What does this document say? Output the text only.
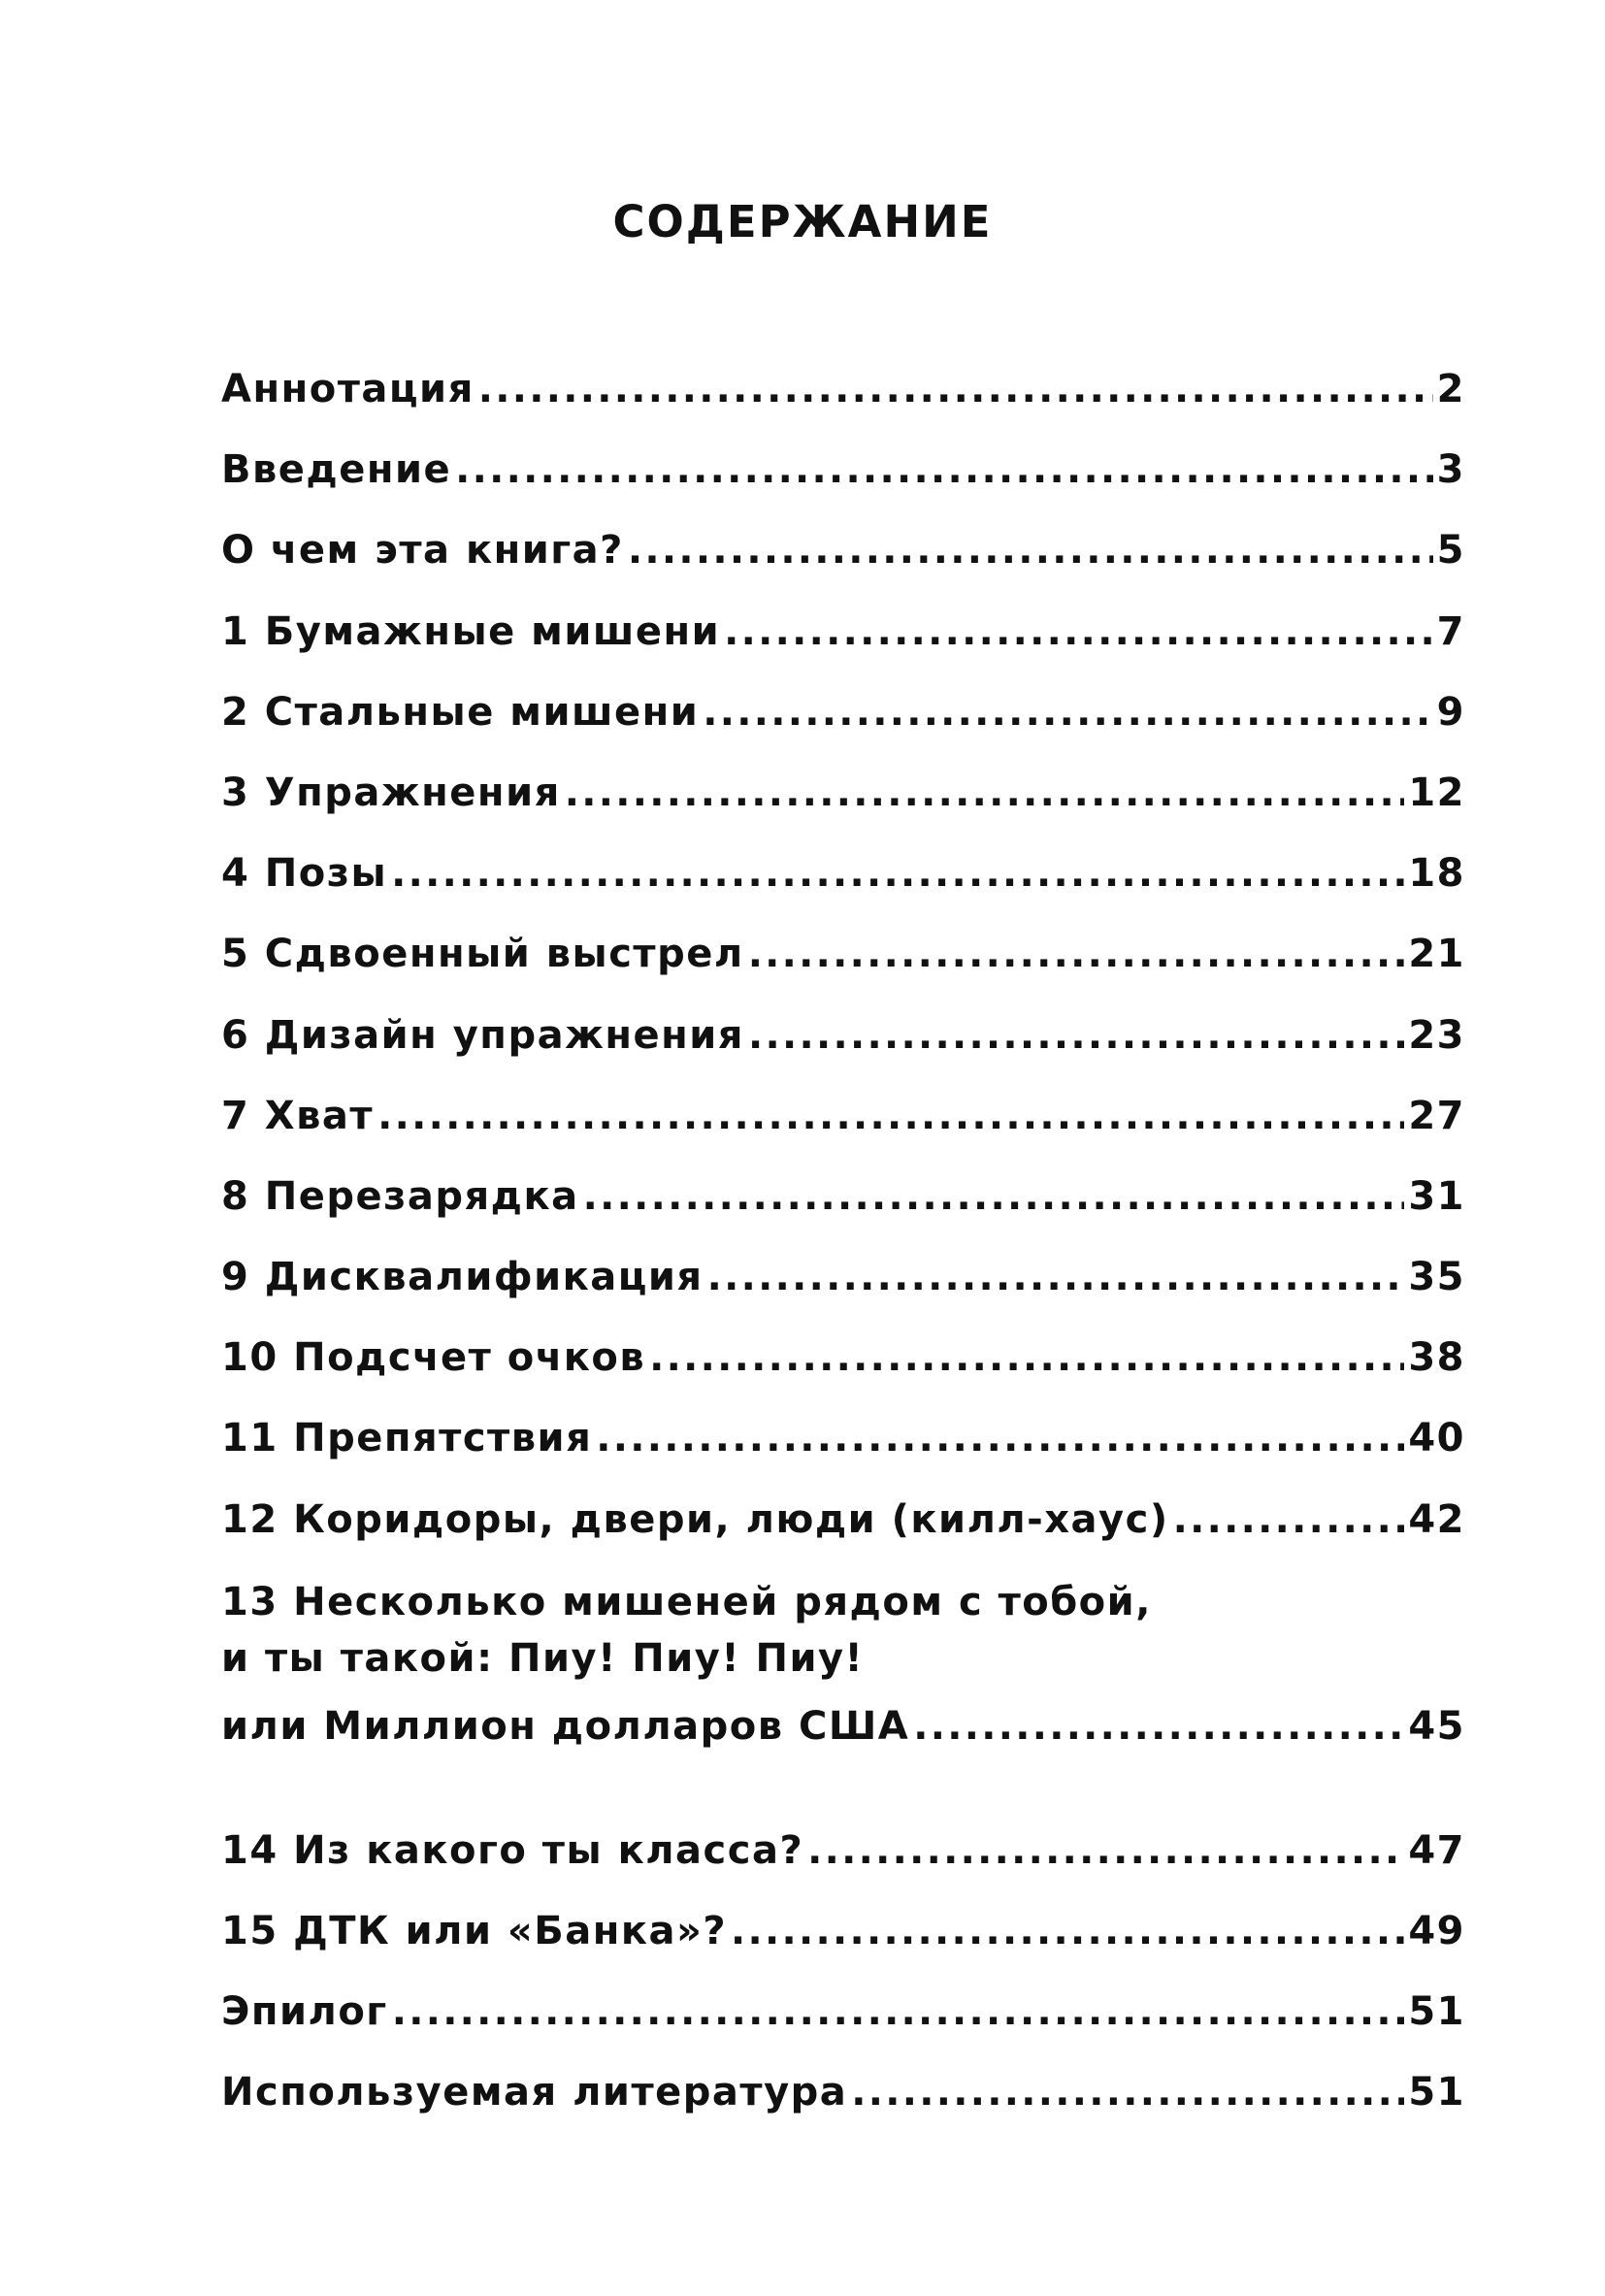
СОДЕРЖАНИЕ
Аннотация .....	2
Введение .....	3
О чем эта книга? .....	5
1 Бумажные мишени .....	7
2 Стальные мишени .....	9
3 Упражнения .....	12
4 Позы .....	18
5 Сдвоенный выстрел .....	21
6 Дизайн упражнения .....	23
7 Хват .....	27
8 Перезарядка .....	31
9 Дисквалификация .....	35
10 Подсчет очков .....	38
11 Препятствия .....	40
12 Коридоры, двери, люди (килл-хаус) .....	42
13 Несколько мишеней рядом с тобой,
и ты такой: Пиу! Пиу! Пиу!
или Миллион долларов США .....	45
14 Из какого ты класса? .....	47
15 ДТК или «Банка»? .....	49
Эпилог .....	51
Используемая литература .....	51
